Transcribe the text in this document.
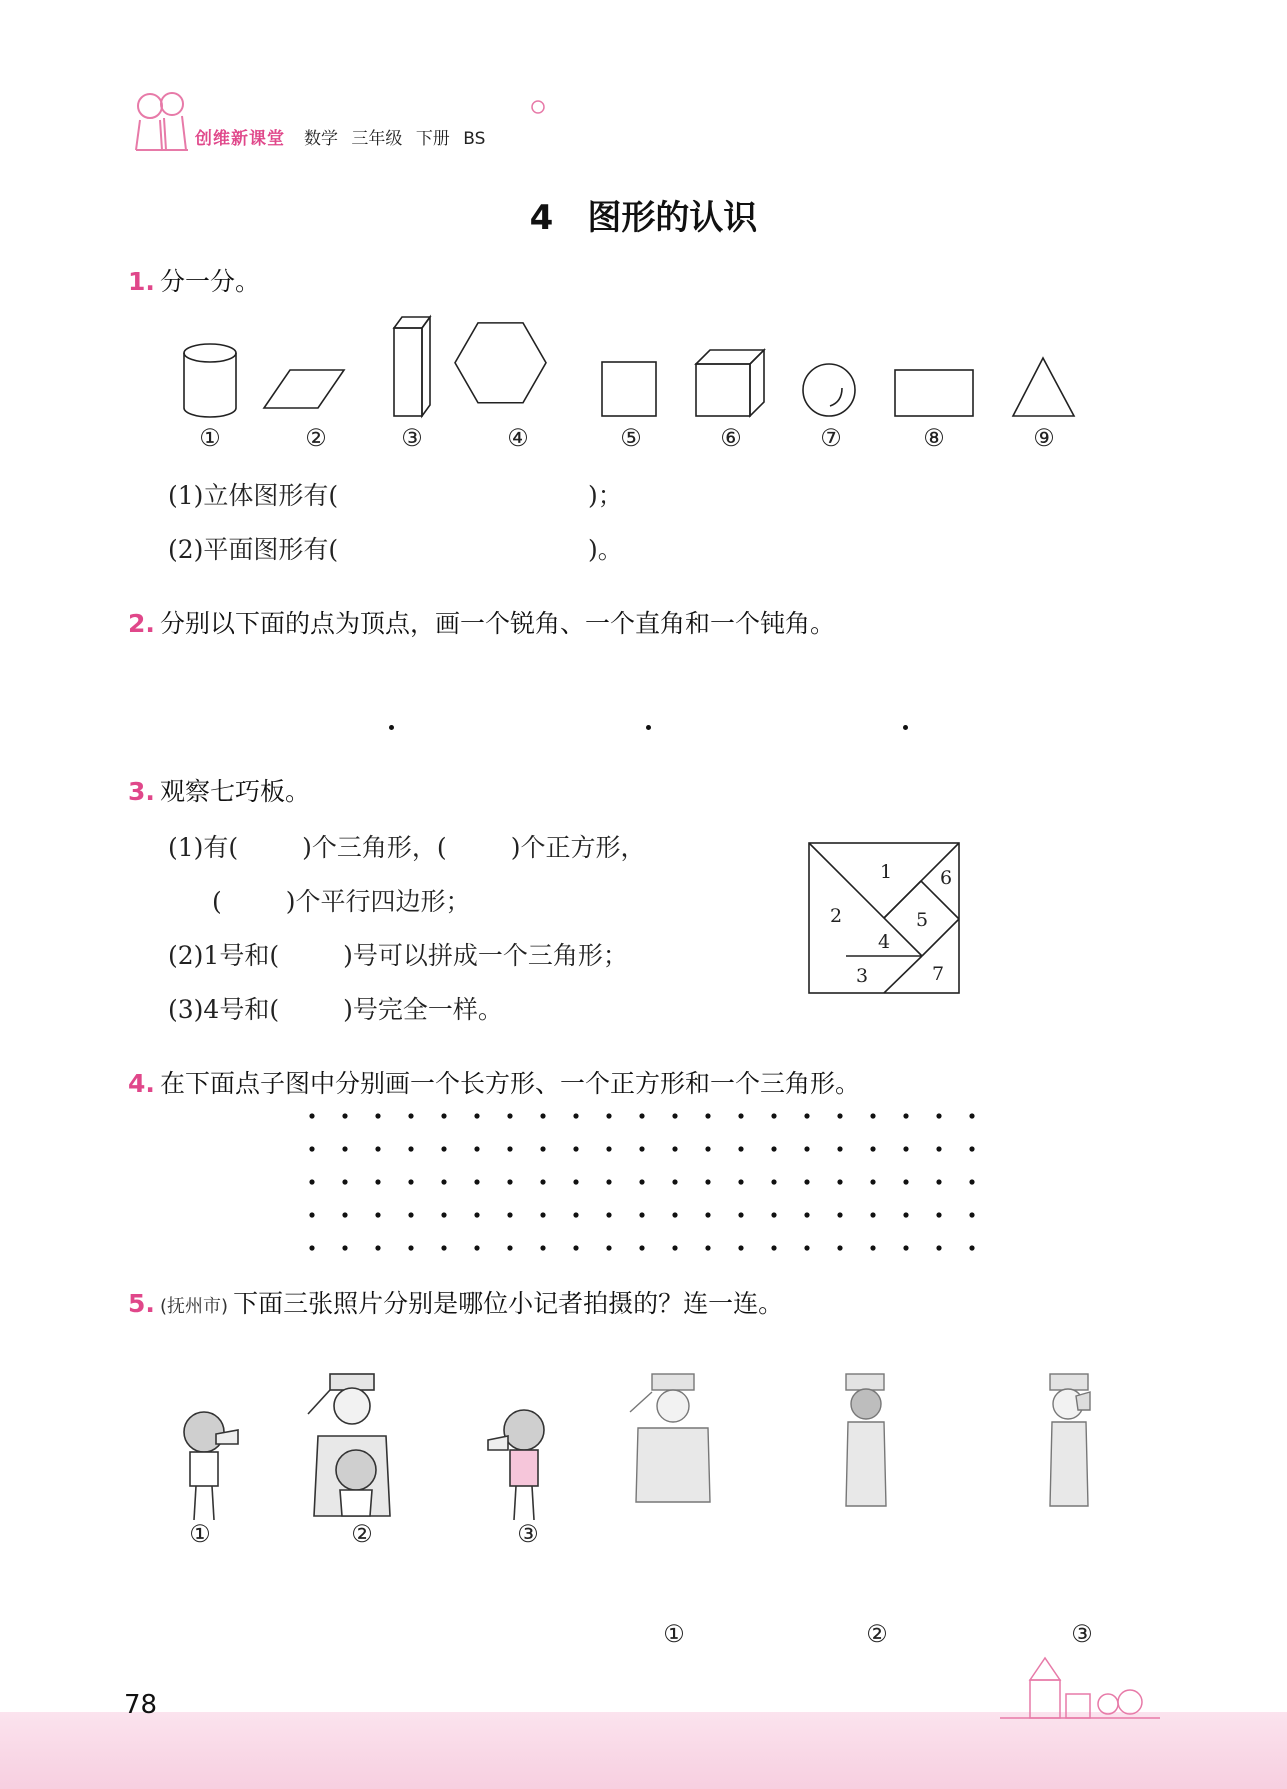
创维新课堂 数学 三年级 下册 BS
4　图形的认识
1. 分一分。
①	②	③	④	⑤	⑥	⑦	⑧	⑨
(1)立体图形有(	)；
(2)平面图形有(	)。
2. 分别以下面的点为顶点，画一个锐角、一个直角和一个钝角。
3. 观察七巧板。
(1)有(	)个三角形，(	)个正方形，
(	)个平行四边形；
(2)1号和(	)号可以拼成一个三角形；
(3)4号和(	)号完全一样。
1
2
3
4
5
6
7
4. 在下面点子图中分别画一个长方形、一个正方形和一个三角形。
5. (抚州市) 下面三张照片分别是哪位小记者拍摄的？连一连。
①	②	③
①	②	③
78
